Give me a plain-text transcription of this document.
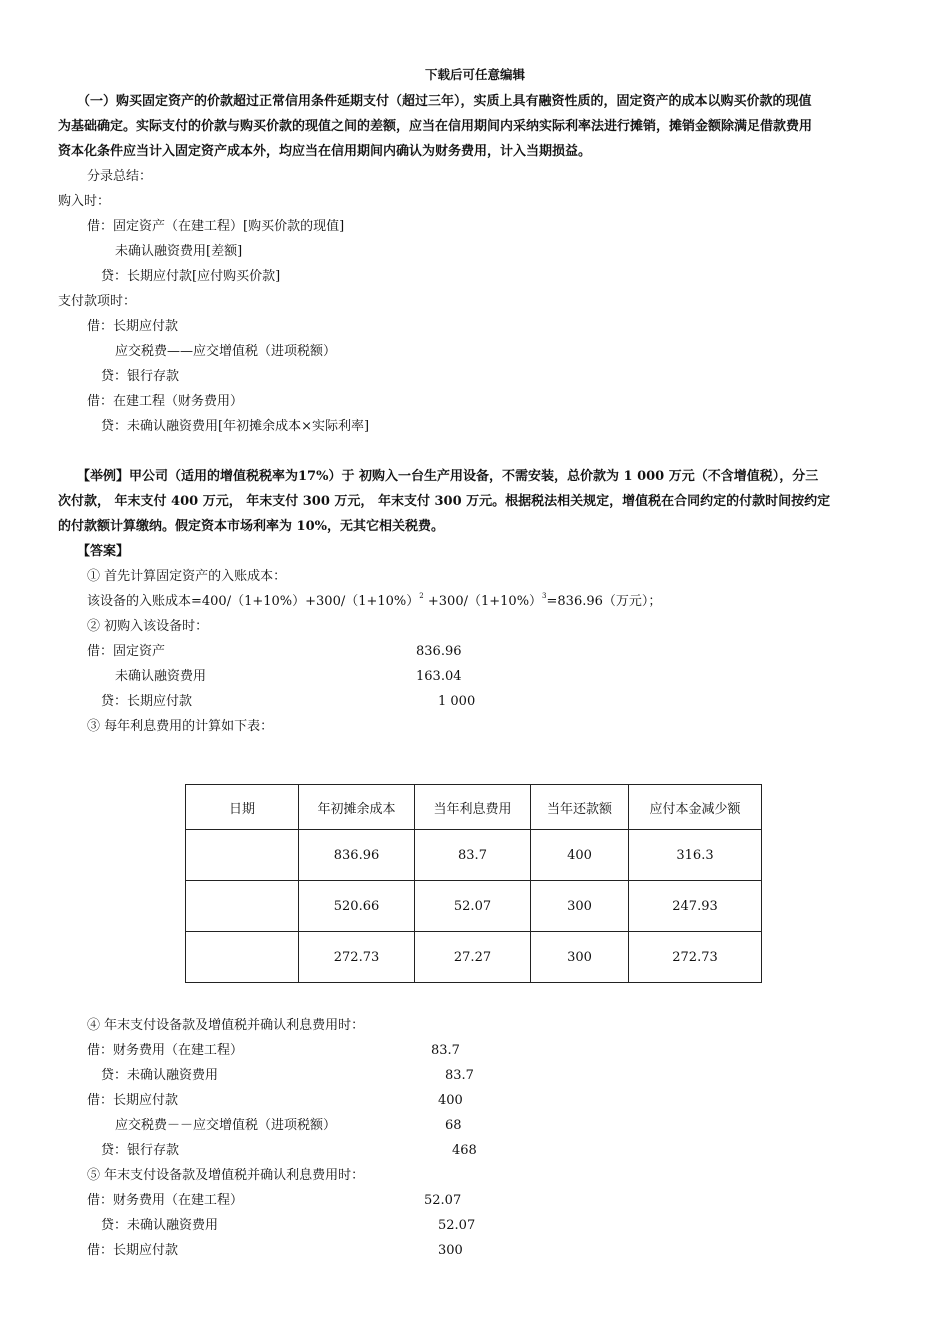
下载后可任意编辑
（一）购买固定资产的价款超过正常信用条件延期支付（超过三年），实质上具有融资性质的，固定资产的成本以购买价款的现值
为基础确定。实际支付的价款与购买价款的现值之间的差额，应当在信用期间内采纳实际利率法进行摊销，摊销金额除满足借款费用
资本化条件应当计入固定资产成本外，均应当在信用期间内确认为财务费用，计入当期损益。
分录总结：
购入时：
借：固定资产（在建工程）[购买价款的现值]
未确认融资费用[差额]
贷：长期应付款[应付购买价款]
支付款项时：
借：长期应付款
应交税费——应交增值税（进项税额）
贷：银行存款
借：在建工程（财务费用）
贷：未确认融资费用[年初摊余成本×实际利率]
【举例】甲公司（适用的增值税税率为17%）于 初购入一台生产用设备，不需安装，总价款为 1 000 万元（不含增值税），分三
次付款， 年末支付 400 万元， 年末支付 300 万元， 年末支付 300 万元。根据税法相关规定，增值税在合同约定的付款时间按约定
的付款额计算缴纳。假定资本市场利率为 10%，无其它相关税费。
【答案】
① 首先计算固定资产的入账成本：
该设备的入账成本$=400/(1+10\%)+300/(1+10\%)^2 +300/(1+10\%)^3=836.96$（万元）；
② 初购入该设备时：
借：固定资产	836.96
未确认融资费用	163.04
贷：长期应付款	1 000
③ 每年利息费用的计算如下表：
日期	年初摊余成本	当年利息费用	当年还款额	应付本金减少额
	836.96	83.7	400	316.3
	520.66	52.07	300	247.93
	272.73	27.27	300	272.73
④ 年末支付设备款及增值税并确认利息费用时：
借：财务费用（在建工程）	83.7
贷：未确认融资费用	83.7
借：长期应付款	400
应交税费－－应交增值税（进项税额）	68
贷：银行存款	468
⑤ 年末支付设备款及增值税并确认利息费用时：
借：财务费用（在建工程）	52.07
贷：未确认融资费用	52.07
借：长期应付款	300
